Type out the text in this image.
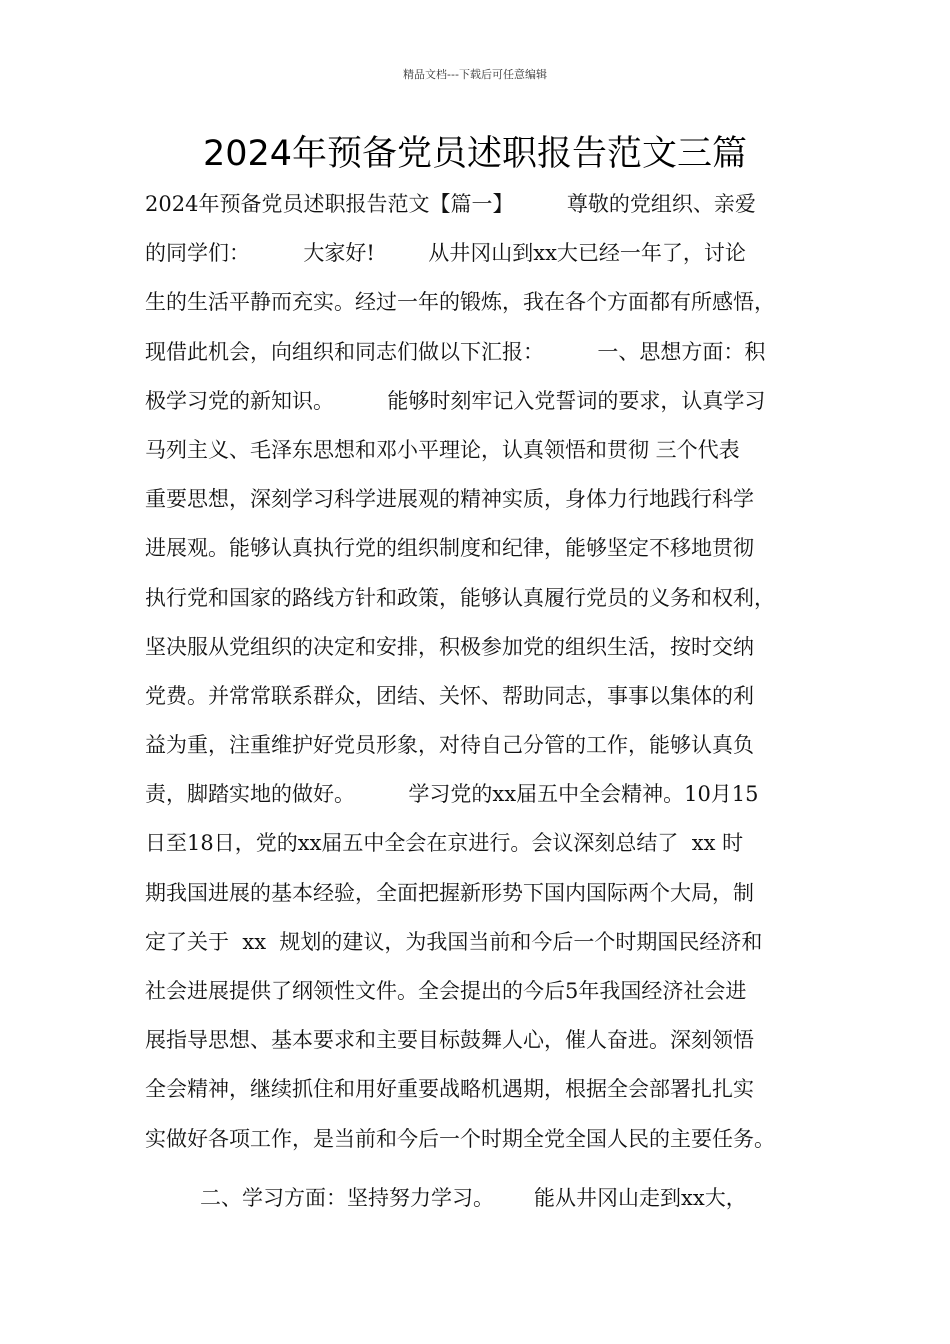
精品文档---下载后可任意编辑
2024年预备党员述职报告范文三篇
2024年预备党员述职报告范文【篇一】        尊敬的党组织、亲爱
的同学们：        大家好!        从井冈山到xx大已经一年了，讨论
生的生活平静而充实。经过一年的锻炼，我在各个方面都有所感悟，
现借此机会，向组织和同志们做以下汇报：        一、思想方面：积
极学习党的新知识。        能够时刻牢记入党誓词的要求，认真学习
马列主义、毛泽东思想和邓小平理论，认真领悟和贯彻 三个代表
重要思想，深刻学习科学进展观的精神实质，身体力行地践行科学
进展观。能够认真执行党的组织制度和纪律，能够坚定不移地贯彻
执行党和国家的路线方针和政策，能够认真履行党员的义务和权利，
坚决服从党组织的决定和安排，积极参加党的组织生活，按时交纳
党费。并常常联系群众，团结、关怀、帮助同志，事事以集体的利
益为重，注重维护好党员形象，对待自己分管的工作，能够认真负
责，脚踏实地的做好。        学习党的xx届五中全会精神。10月15
日至18日，党的xx届五中全会在京进行。会议深刻总结了  xx 时
期我国进展的基本经验，全面把握新形势下国内国际两个大局，制
定了关于  xx  规划的建议，为我国当前和今后一个时期国民经济和
社会进展提供了纲领性文件。全会提出的今后5年我国经济社会进
展指导思想、基本要求和主要目标鼓舞人心，催人奋进。深刻领悟
全会精神，继续抓住和用好重要战略机遇期，根据全会部署扎扎实
实做好各项工作，是当前和今后一个时期全党全国人民的主要任务。
二、学习方面：坚持努力学习。      能从井冈山走到xx大，
